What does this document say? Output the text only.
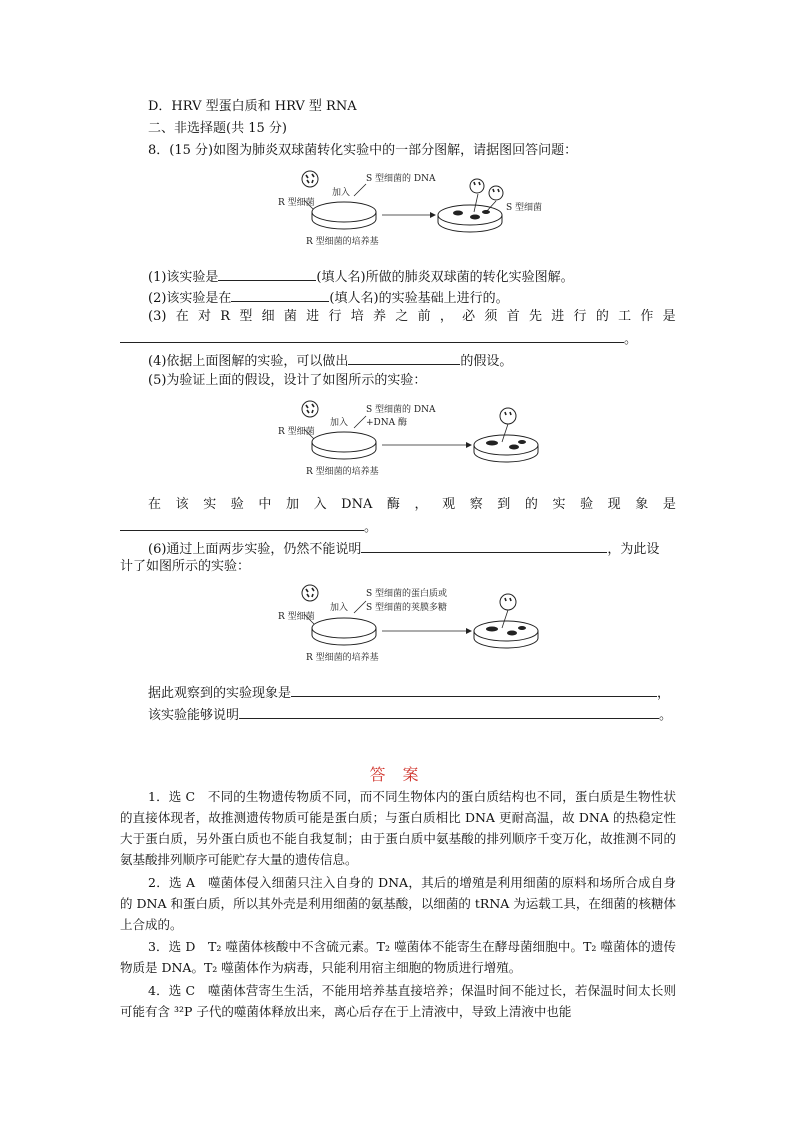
D．HRV 型蛋白质和 HRV 型 RNA
二、非选择题(共 15 分)
8．(15 分)如图为肺炎双球菌转化实验中的一部分图解，请据图回答问题：
R 型细菌
加入
S 型细菌的 DNA
R 型细菌的培养基
S 型细菌
(1)该实验是	(填人名)所做的肺炎双球菌的转化实验图解。
(2)该实验是在	(填人名)的实验基础上进行的。
(3) 在 对 R 型 细 菌 进 行 培 养 之 前 ， 必 须 首 先 进 行 的 工 作 是
。
(4)依据上面图解的实验，可以做出	的假设。
(5)为验证上面的假设，设计了如图所示的实验：
R 型细菌
加入
S 型细菌的 DNA
+DNA 酶
R 型细菌的培养基
在 该 实 验 中 加 入 DNA 酶 ， 观 察 到 的 实 验 现 象 是
。
(6)通过上面两步实验，仍然不能说明	，为此设
计了如图所示的实验：
R 型细菌
加入
S 型细菌的蛋白质或
S 型细菌的荚膜多糖
R 型细菌的培养基
据此观察到的实验现象是	，
该实验能够说明	。
答 案
1．选 C　不同的生物遗传物质不同，而不同生物体内的蛋白质结构也不同，蛋白质是生物性状的直接体现者，故推测遗传物质可能是蛋白质；与蛋白质相比 DNA 更耐高温，故 DNA 的热稳定性大于蛋白质，另外蛋白质也不能自我复制；由于蛋白质中氨基酸的排列顺序千变万化，故推测不同的氨基酸排列顺序可能贮存大量的遗传信息。
2．选 A　噬菌体侵入细菌只注入自身的 DNA，其后的增殖是利用细菌的原料和场所合成自身的 DNA 和蛋白质，所以其外壳是利用细菌的氨基酸，以细菌的 tRNA 为运载工具，在细菌的核糖体上合成的。
3．选 D　T₂ 噬菌体核酸中不含硫元素。T₂ 噬菌体不能寄生在酵母菌细胞中。T₂ 噬菌体的遗传物质是 DNA。T₂ 噬菌体作为病毒，只能利用宿主细胞的物质进行增殖。
4．选 C　噬菌体营寄生生活，不能用培养基直接培养；保温时间不能过长，若保温时间太长则可能有含 ³²P 子代的噬菌体释放出来，离心后存在于上清液中，导致上清液中也能
